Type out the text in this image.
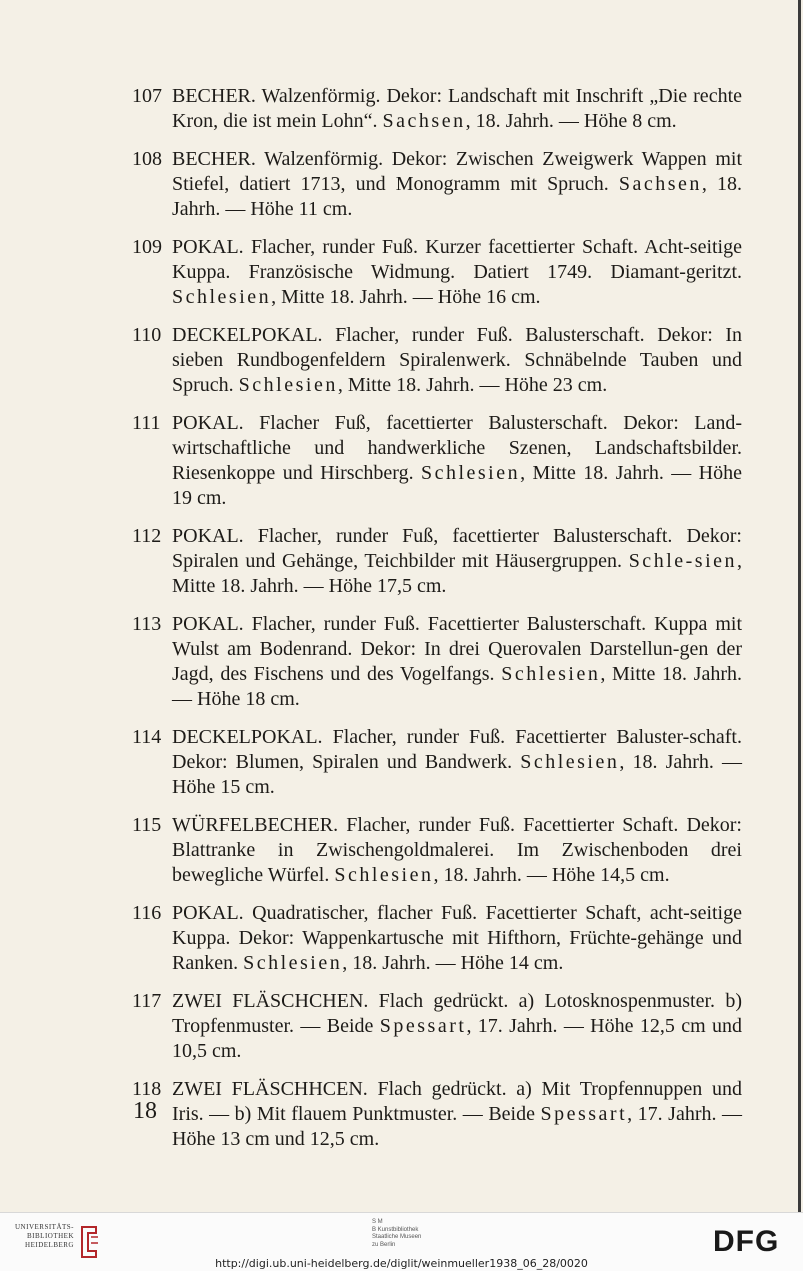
107 BECHER. Walzenförmig. Dekor: Landschaft mit Inschrift „Die rechte Kron, die ist mein Lohn“. Sachsen, 18. Jahrh. — Höhe 8 cm.
108 BECHER. Walzenförmig. Dekor: Zwischen Zweigwerk Wappen mit Stiefel, datiert 1713, und Monogramm mit Spruch. Sachsen, 18. Jahrh. — Höhe 11 cm.
109 POKAL. Flacher, runder Fuß. Kurzer facettierter Schaft. Acht-seitige Kuppa. Französische Widmung. Datiert 1749. Diamant-geritzt. Schlesien, Mitte 18. Jahrh. — Höhe 16 cm.
110 DECKELPOKAL. Flacher, runder Fuß. Balusterschaft. Dekor: In sieben Rundbogenfeldern Spiralenwerk. Schnäbelnde Tauben und Spruch. Schlesien, Mitte 18. Jahrh. — Höhe 23 cm.
111 POKAL. Flacher Fuß, facettierter Balusterschaft. Dekor: Land-wirtschaftliche und handwerkliche Szenen, Landschaftsbilder. Riesenkoppe und Hirschberg. Schlesien, Mitte 18. Jahrh. — Höhe 19 cm.
112 POKAL. Flacher, runder Fuß, facettierter Balusterschaft. Dekor: Spiralen und Gehänge, Teichbilder mit Häusergruppen. Schle-sien, Mitte 18. Jahrh. — Höhe 17,5 cm.
113 POKAL. Flacher, runder Fuß. Facettierter Balusterschaft. Kuppa mit Wulst am Bodenrand. Dekor: In drei Querovalen Darstellun-gen der Jagd, des Fischens und des Vogelfangs. Schlesien, Mitte 18. Jahrh. — Höhe 18 cm.
114 DECKELPOKAL. Flacher, runder Fuß. Facettierter Baluster-schaft. Dekor: Blumen, Spiralen und Bandwerk. Schlesien, 18. Jahrh. — Höhe 15 cm.
115 WÜRFELBECHER. Flacher, runder Fuß. Facettierter Schaft. Dekor: Blattranke in Zwischengoldmalerei. Im Zwischenboden drei bewegliche Würfel. Schlesien, 18. Jahrh. — Höhe 14,5 cm.
116 POKAL. Quadratischer, flacher Fuß. Facettierter Schaft, acht-seitige Kuppa. Dekor: Wappenkartusche mit Hifthorn, Früchte-gehänge und Ranken. Schlesien, 18. Jahrh. — Höhe 14 cm.
117 ZWEI FLÄSCHCHEN. Flach gedrückt. a) Lotosknospenmuster. b) Tropfenmuster. — Beide Spessart, 17. Jahrh. — Höhe 12,5 cm und 10,5 cm.
118 ZWEI FLÄSCHHCEN. Flach gedrückt. a) Mit Tropfennuppen und Iris. — b) Mit flauem Punktmuster. — Beide Spessart, 17. Jahrh. — Höhe 13 cm und 12,5 cm.
18
UNIVERSITÄTS-
BIBLIOTHEK
HEIDELBERG
S M
B Kunstbibliothek
Staatliche Museen
zu Berlin	DFG
http://digi.ub.uni-heidelberg.de/diglit/weinmueller1938_06_28/0020
